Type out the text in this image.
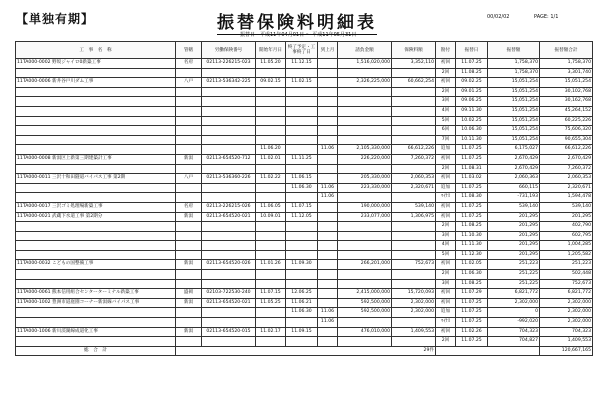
【単独有期】	振替保険料明細表	00/02/02	PAGE: 1/1
振替日　平成11年04月01日 ～ 平成11年05月31日
工　事　名　称	管轄	労働保険番号	開始年月日	終了予定・工事終了日	到上月	請負金額	保険料額	勘付	振替日	振替額	振替額合計
11TA000-0002 野坂ジャイロ0新築工事	名府	02113-226215-023	11.05.20	11.12.15		1,516,020,000	3,352,110	初回	11.07.25	1,758,370	1,758,370
								2回	11.08.25	1,758,370	3,301,740
11TA000-0006 新井谷戸川ダム工事	八戸	02113-536342-225	09.02.15	11.02.15		2,326,225,000	60,662,254	初回	09.02.25	15,051,254	15,051,254
								2回	09.01.25	15,051,254	30,102,768
								3回	09.06.25	15,051,254	30,162,768
								4回	09.11.30	15,051,254	45,264,152
								5回	10.02.25	15,051,254	60,225,226
								6回	10.06.30	15,051,254	75,606,320
								7回	10.11.30	15,051,254	90,655,304
			11.06.20		11.06	2,105,330,000	66,612,226	追加	11.07.25	6,175,027	66,612,226
11TA000-0008 新潟区上新第三期建築計工事	新潟	02113-654520-712	11.02.01	11.11.25		226,220,000	7,260,372	初回	11.07.25	2,670,429	2,670,429
								2回	11.08.31	2,670,429	7,260,372
11TA000-0011 三沢十和田隧道バイパス工事 第2期	八戸	02113-536360-226	11.02.22	11.06.15		205,330,000	2,060,353	初回	11.03.02	2,060,363	2,060,353
				11.06.30	11.06	223,330,000	2,320,671	追加	11.07.25	660,115	2,320,671
					11.06			ﾏｲﾅｽ	11.08.30	-731,193	1,594,478
11TA000-0017 三沢ゴミ処理場新築工事	名府	02113-226215-026	11.06.05	11.07.15		190,000,000	539,140	初回	11.07.25	539,140	539,140
11TA000-0021 武蔵下水道工事 第2期分	新潟	02113-654520-021	10.09.01	11.12.05		233,077,000	1,306,975	初回	11.07.25	201,295	201,295
								2回	11.08.25	201,295	402,790
								3回	11.10.30	201,295	602,795
								4回	11.11.30	201,295	1,004,285
								5回	11.12.30	201,295	1,205,582
11TA000-0032 こどもの国整備工事	新潟	02113-654520-026	11.01.26	11.09.30		266,201,000	752,673	初回	11.02.05	251,223	251,223
								2回	11.06.30	251,225	502,448
								3回	11.08.25	251,225	752,673
11TA000-0061 熊本信用組合センターターミナル新築工事	盛岡	02103-722530-240	11.07.15	12.06.25		2,415,000,000	15,720,093	初回	11.07.29	6,821,772	6,821,772
11TA000-1002 豊洲市道庭園コーナー新潟線バイパス工事	新潟	02113-654520-021	11.05.25	11.06.21		592,500,000	2,302,000	初回	11.07.25	2,302,000	2,302,000
				11.06.30	11.06	592,500,000	2,302,000	追加	11.07.25	0	2,302,000
					11.06			ﾏｲﾅｽ	11.07.25	-992,020	2,302,000
11TA000-1006 新川渓湖線成道化工事	新潟	02113-654520-015	11.02.17	11.09.15		476,010,000	1,409,553	初回	11.02.26	704,323	704,323
								2回	11.07.25	704,827	1,409,553
総　合　計	29件										120,667,165
